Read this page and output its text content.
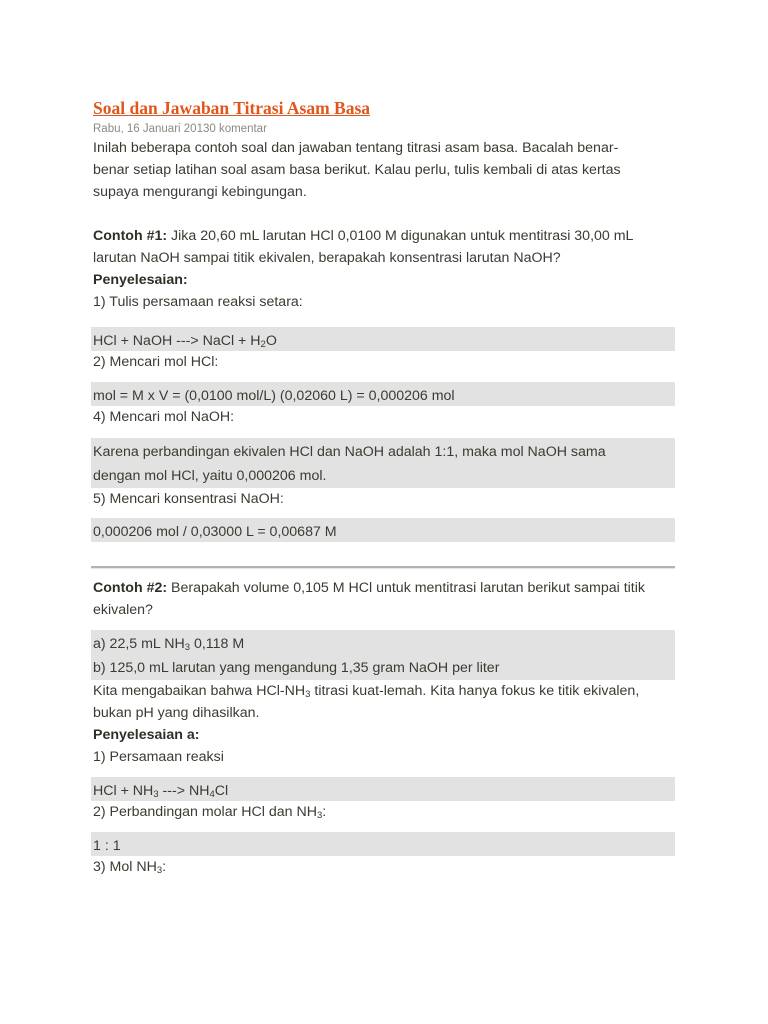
Soal dan Jawaban Titrasi Asam Basa
Rabu, 16 Januari 20130 komentar
Inilah beberapa contoh soal dan jawaban tentang titrasi asam basa. Bacalah benar-
benar setiap latihan soal asam basa berikut. Kalau perlu, tulis kembali di atas kertas
supaya mengurangi kebingungan.
Contoh #1: Jika 20,60 mL larutan HCl 0,0100 M digunakan untuk mentitrasi 30,00 mL
larutan NaOH sampai titik ekivalen, berapakah konsentrasi larutan NaOH?
Penyelesaian:
1) Tulis persamaan reaksi setara:
HCl + NaOH ---> NaCl + $H_2O$
2) Mencari mol HCl:
mol = M x V = (0,0100 mol/L) (0,02060 L) = 0,000206 mol
4) Mencari mol NaOH:
Karena perbandingan ekivalen HCl dan NaOH adalah 1:1, maka mol NaOH sama
dengan mol HCl, yaitu 0,000206 mol.
5) Mencari konsentrasi NaOH:
0,000206 mol / 0,03000 L = 0,00687 M
Contoh #2: Berapakah volume 0,105 M HCl untuk mentitrasi larutan berikut sampai titik
ekivalen?
a) 22,5 mL $NH_3$ 0,118 M
b) 125,0 mL larutan yang mengandung 1,35 gram NaOH per liter
Kita mengabaikan bahwa HCl-$NH_3$ titrasi kuat-lemah. Kita hanya fokus ke titik ekivalen,
bukan pH yang dihasilkan.
Penyelesaian a:
1) Persamaan reaksi
HCl + $NH_3$ ---> $NH_4Cl$
2) Perbandingan molar HCl dan $NH_3$:
1 : 1
3) Mol $NH_3$:
